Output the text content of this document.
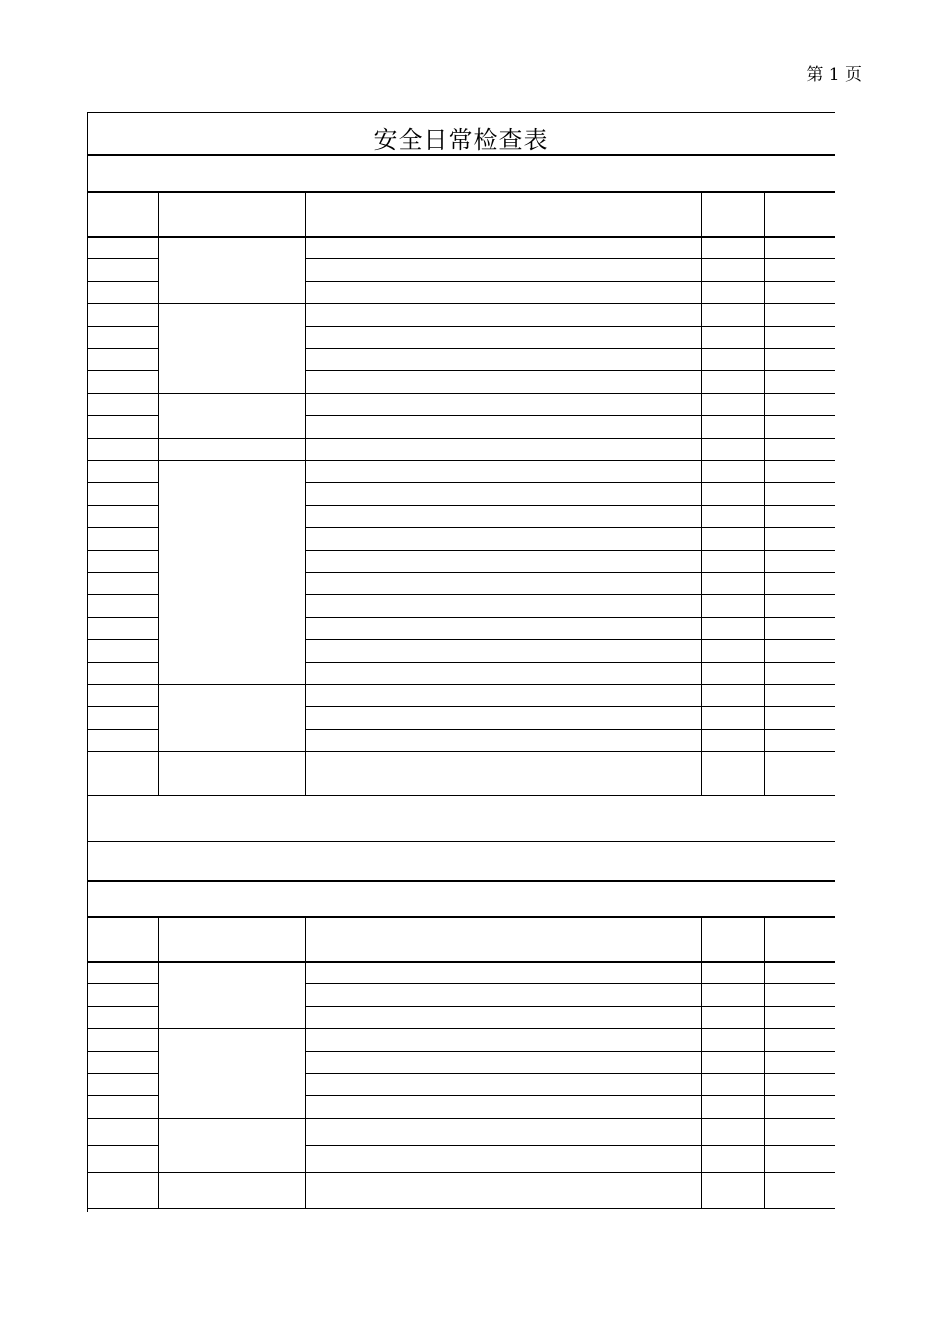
第 1 页
安全日常检查表
